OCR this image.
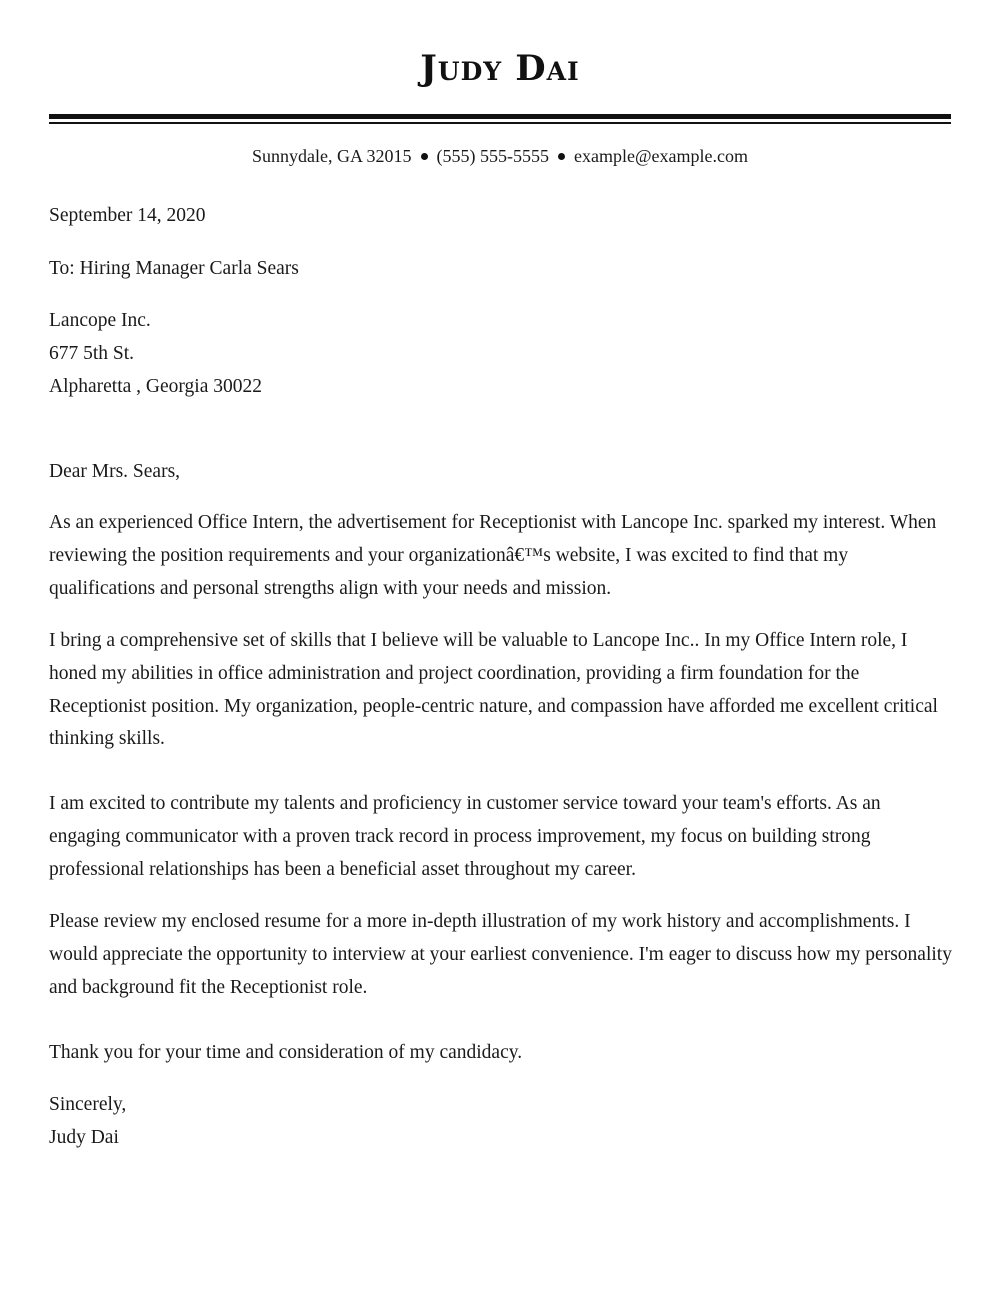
Judy Dai
Sunnydale, GA 32015 (555) 555-5555 example@example.com
September 14, 2020
To: Hiring Manager Carla Sears
Lancope Inc.
677 5th St.
Alpharetta , Georgia 30022
Dear Mrs. Sears,

As an experienced Office Intern, the advertisement for Receptionist with Lancope Inc. sparked my interest. When reviewing the position requirements and your organizationâ€™s website, I was excited to find that my qualifications and personal strengths align with your needs and mission.

I bring a comprehensive set of skills that I believe will be valuable to Lancope Inc.. In my Office Intern role, I honed my abilities in office administration and project coordination, providing a firm foundation for the Receptionist position. My organization, people-centric nature, and compassion have afforded me excellent critical thinking skills.

I am excited to contribute my talents and proficiency in customer service toward your team's efforts. As an engaging communicator with a proven track record in process improvement, my focus on building strong professional relationships has been a beneficial asset throughout my career.

Please review my enclosed resume for a more in-depth illustration of my work history and accomplishments. I would appreciate the opportunity to interview at your earliest convenience. I'm eager to discuss how my personality and background fit the Receptionist role.

Thank you for your time and consideration of my candidacy.

Sincerely,
Judy Dai
